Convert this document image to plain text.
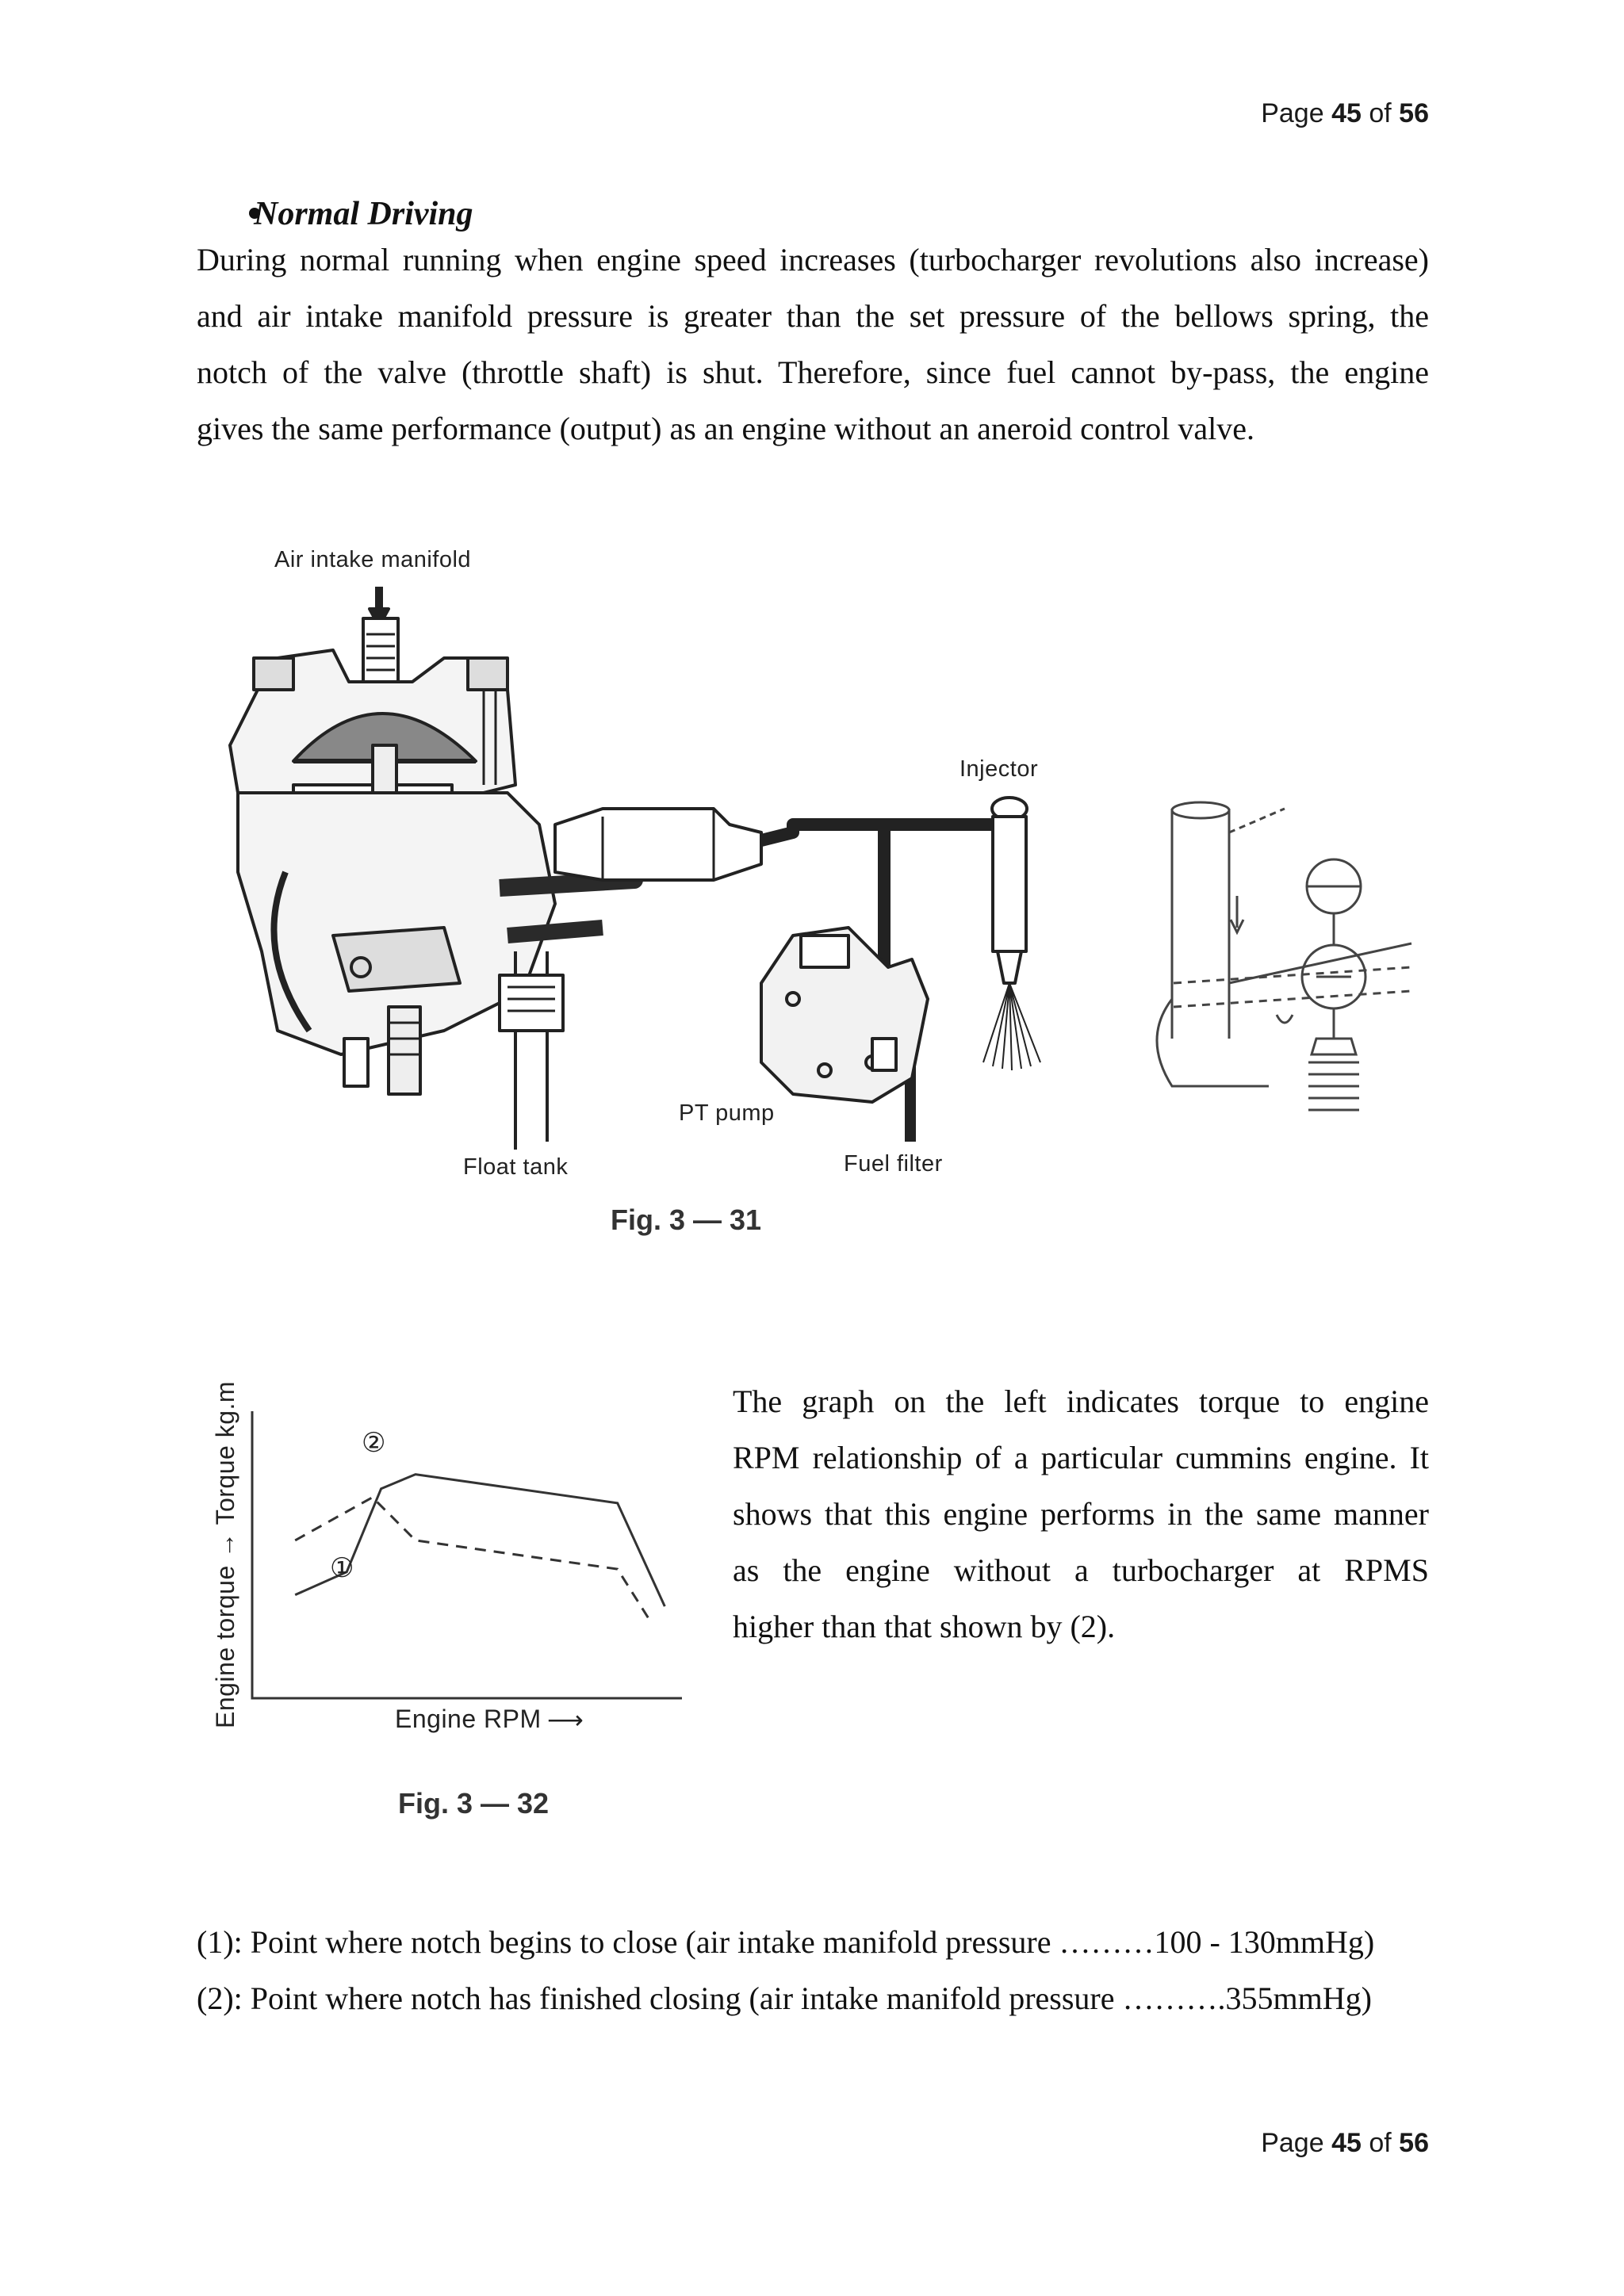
Page 45 of 56
Normal Driving
During normal running when engine speed increases (turbocharger revolutions also increase)
and air intake manifold pressure is greater than the set pressure of the bellows spring, the
notch of the valve (throttle shaft) is shut. Therefore, since fuel cannot by-pass, the engine
gives the same performance (output) as an engine without an aneroid control valve.
Air intake manifold
Injector
PT pump
Float tank	Fuel filter
Fig. 3 — 31
Engine torque → Torque kg.m	Engine RPM ⟶
①
②
Fig. 3 — 32
The graph on the left indicates torque to engine
RPM relationship of a particular cummins engine. It
shows that this engine performs in the same manner
as the engine without a turbocharger at RPMS
higher than that shown by (2).
(1): Point where notch begins to close (air intake manifold pressure ………100 - 130mmHg)
(2): Point where notch has finished closing (air intake manifold pressure ……….355mmHg)
Page 45 of 56
